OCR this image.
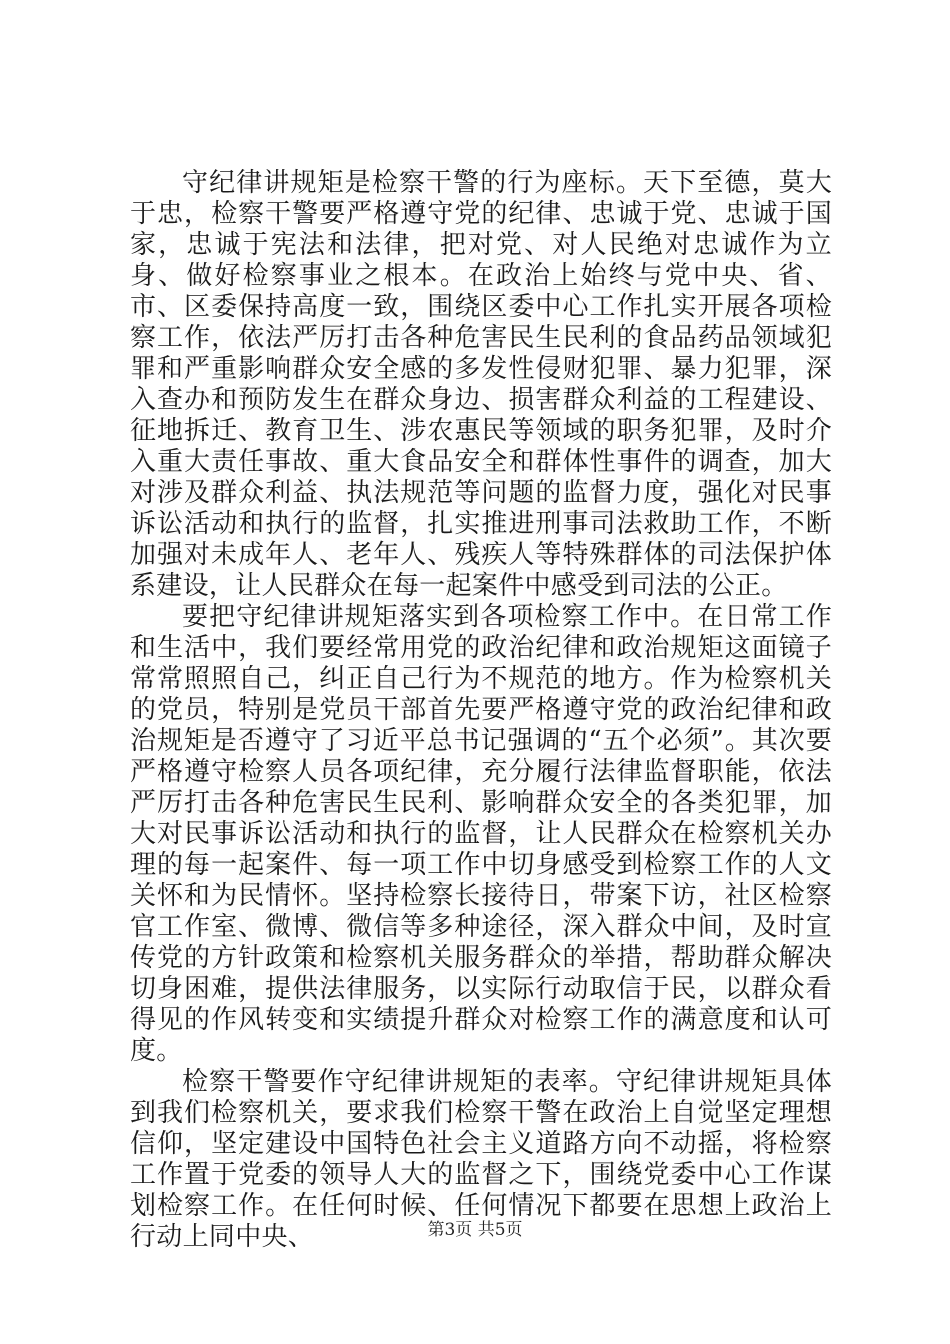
守纪律讲规矩是检察干警的行为座标。天下至德，莫大于忠，检察干警要严格遵守党的纪律、忠诚于党、忠诚于国家，忠诚于宪法和法律，把对党、对人民绝对忠诚作为立身、做好检察事业之根本。在政治上始终与党中央、省、市、区委保持高度一致，围绕区委中心工作扎实开展各项检察工作，依法严厉打击各种危害民生民利的食品药品领域犯罪和严重影响群众安全感的多发性侵财犯罪、暴力犯罪，深入查办和预防发生在群众身边、损害群众利益的工程建设、征地拆迁、教育卫生、涉农惠民等领域的职务犯罪，及时介入重大责任事故、重大食品安全和群体性事件的调查，加大对涉及群众利益、执法规范等问题的监督力度，强化对民事诉讼活动和执行的监督，扎实推进刑事司法救助工作，不断加强对未成年人、老年人、残疾人等特殊群体的司法保护体系建设，让人民群众在每一起案件中感受到司法的公正。

要把守纪律讲规矩落实到各项检察工作中。在日常工作和生活中，我们要经常用党的政治纪律和政治规矩这面镜子常常照照自己，纠正自己行为不规范的地方。作为检察机关的党员，特别是党员干部首先要严格遵守党的政治纪律和政治规矩是否遵守了习近平总书记强调的“五个必须”。其次要严格遵守检察人员各项纪律，充分履行法律监督职能，依法严厉打击各种危害民生民利、影响群众安全的各类犯罪，加大对民事诉讼活动和执行的监督，让人民群众在检察机关办理的每一起案件、每一项工作中切身感受到检察工作的人文关怀和为民情怀。坚持检察长接待日，带案下访，社区检察官工作室、微博、微信等多种途径，深入群众中间，及时宣传党的方针政策和检察机关服务群众的举措，帮助群众解决切身困难，提供法律服务，以实际行动取信于民，以群众看得见的作风转变和实绩提升群众对检察工作的满意度和认可度。

检察干警要作守纪律讲规矩的表率。守纪律讲规矩具体到我们检察机关，要求我们检察干警在政治上自觉坚定理想信仰，坚定建设中国特色社会主义道路方向不动摇，将检察工作置于党委的领导人大的监督之下，围绕党委中心工作谋划检察工作。在任何时候、任何情况下都要在思想上政治上行动上同中央、	第3页 共5页
